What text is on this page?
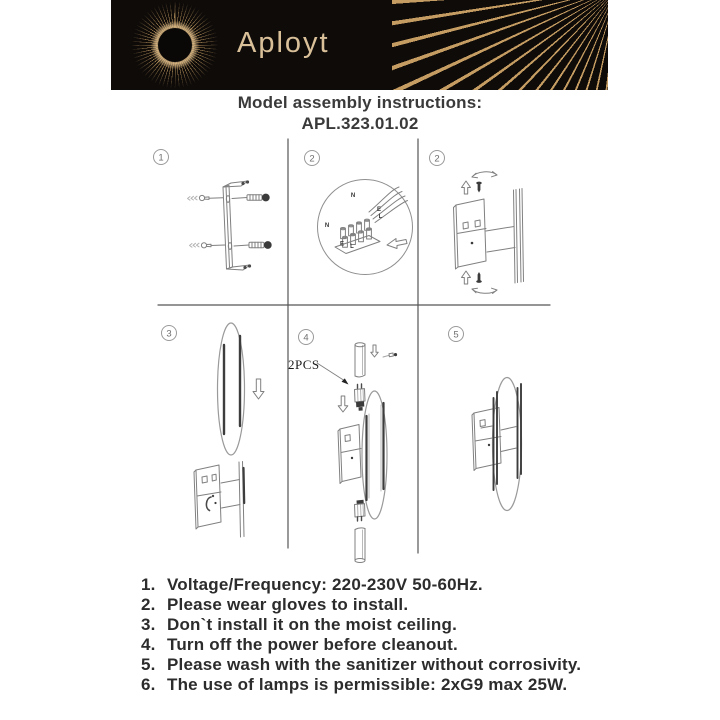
Aployt
Model assembly instructions:
APL.323.01.02
1	2	2
3	4	5
N
E
L
N
E L
2PCS
1. Voltage/Frequency: 220-230V 50-60Hz.
2. Please wear gloves to install.
3. Don`t install it on the moist ceiling.
4. Turn off the power before cleanout.
5. Please wash with the sanitizer without corrosivity.
6. The use of lamps is permissible: 2xG9 max 25W.
